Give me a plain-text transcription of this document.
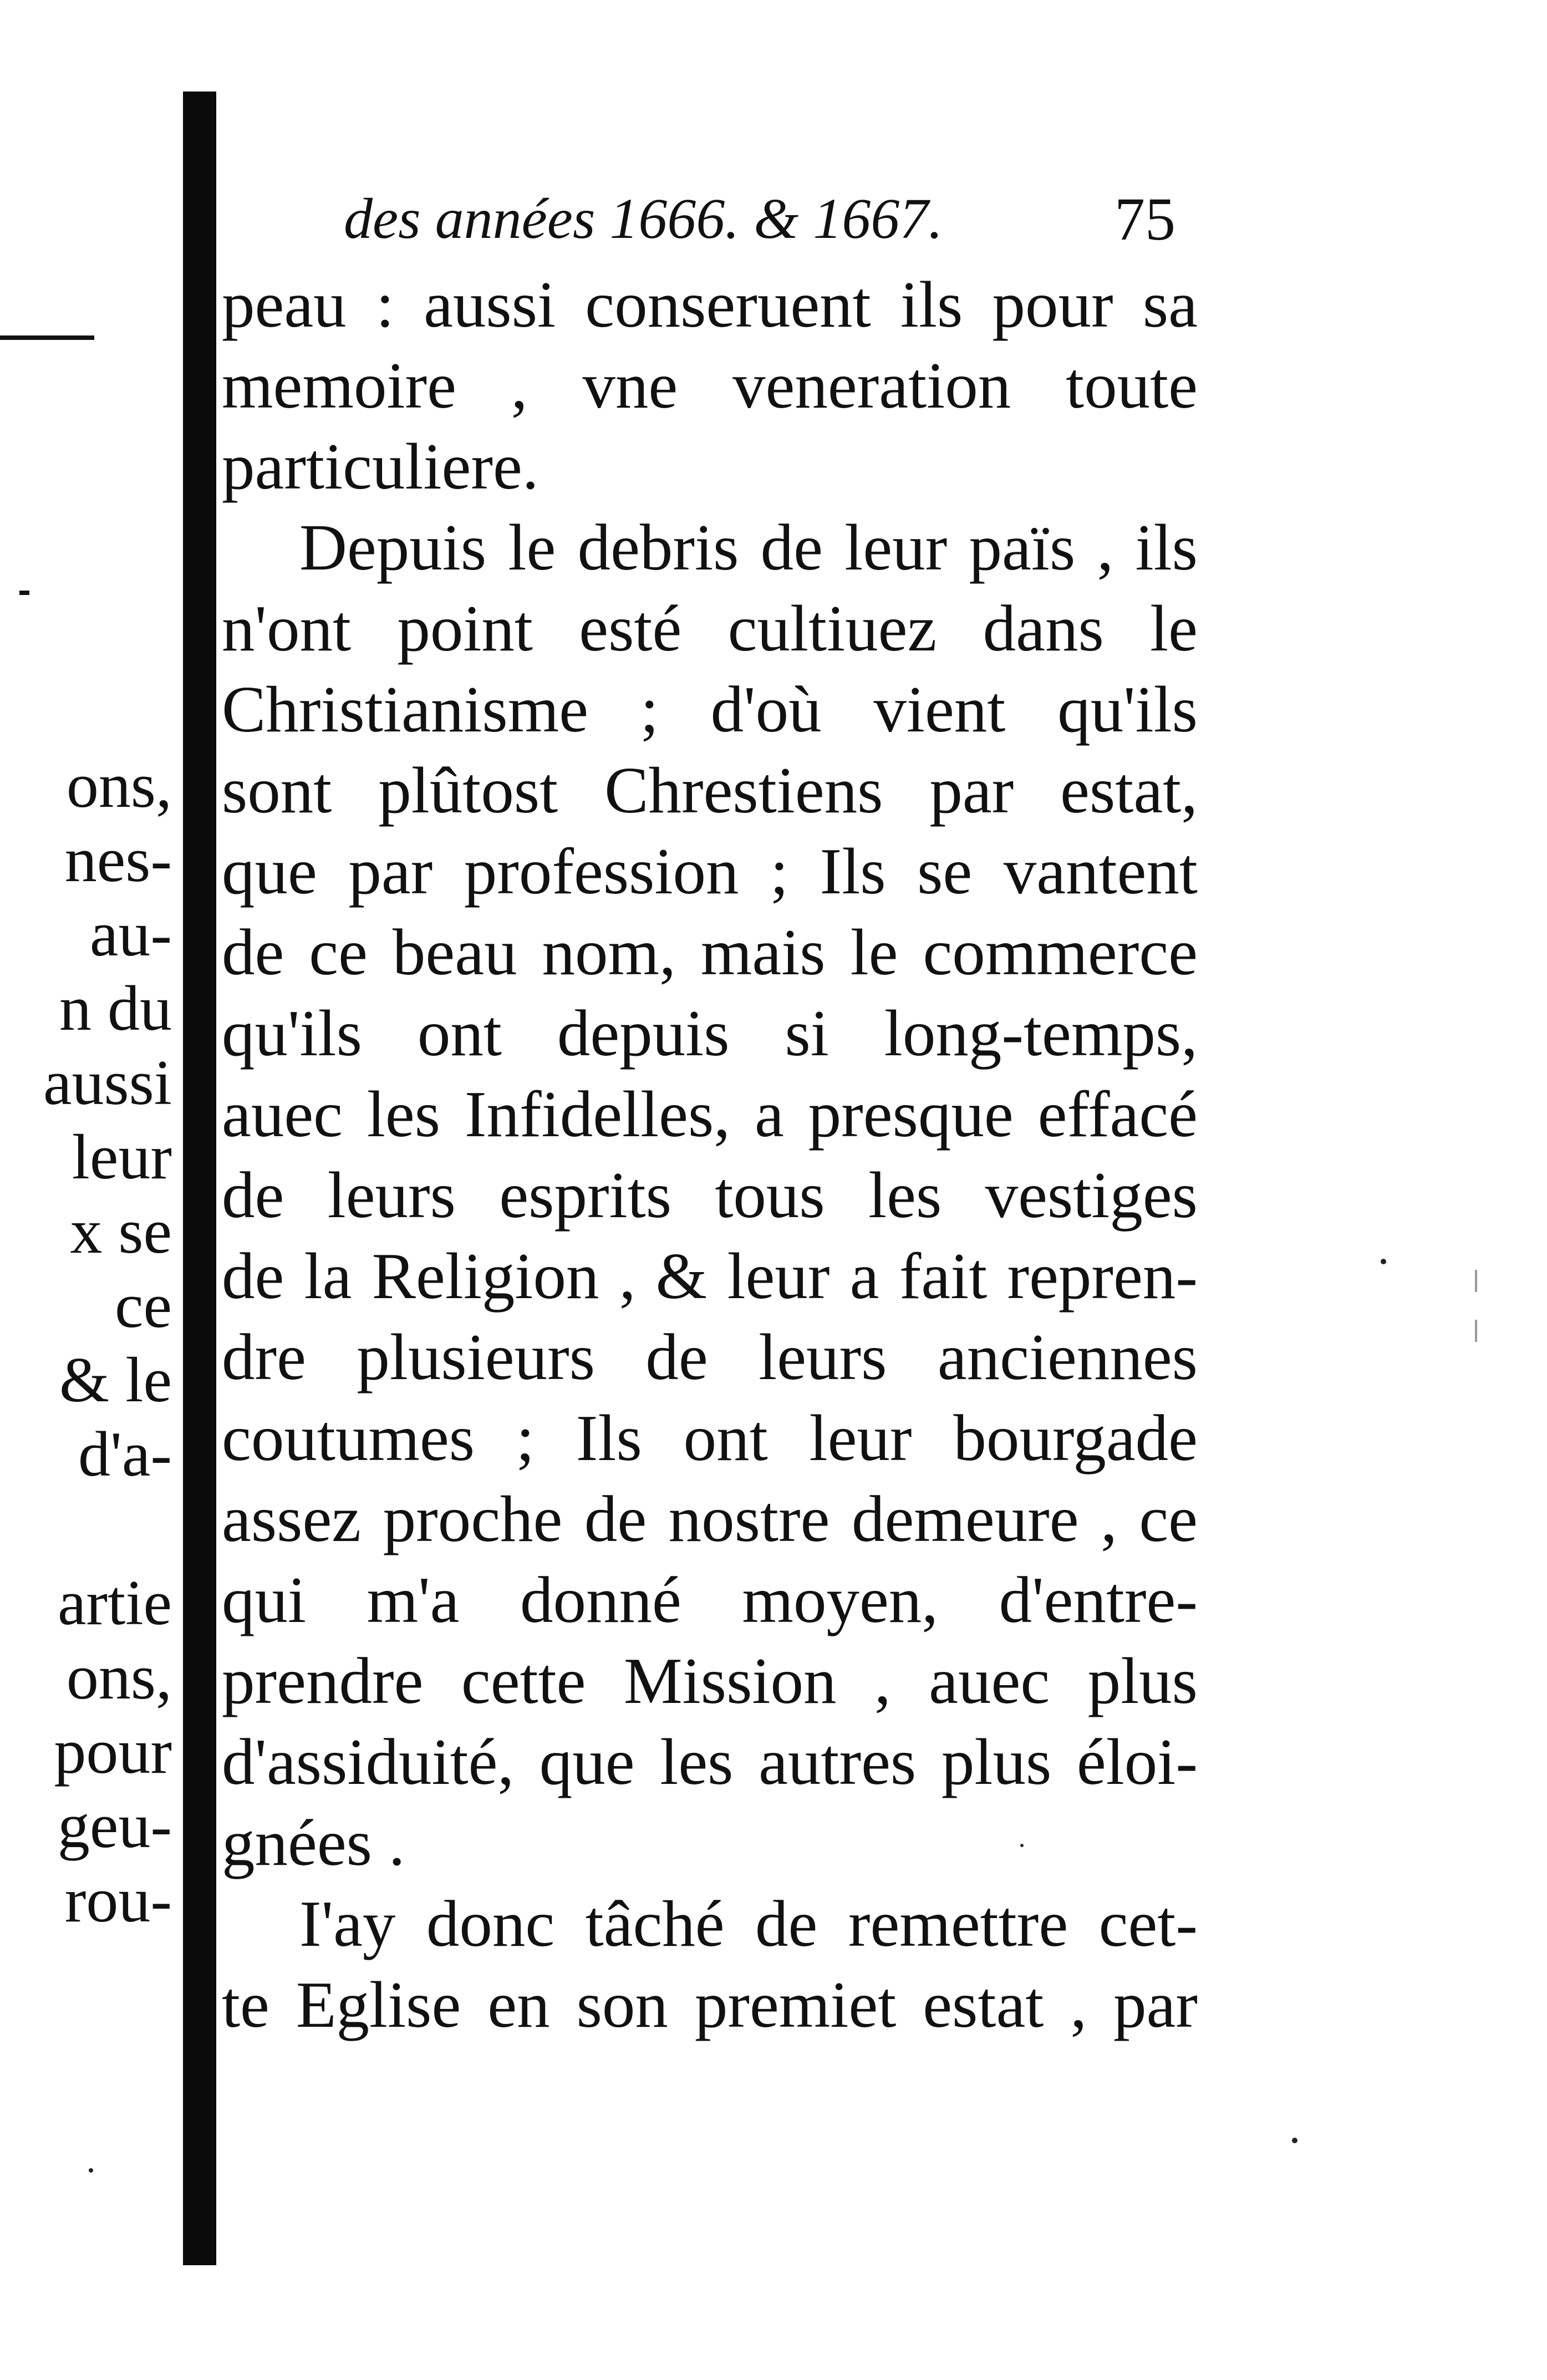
ons,
nes-
au-
n du
aussi
leur
x se
ce
& le
d'a-
artie
ons,
pour
geu-
rou-
des années 1666. & 1667.	75
peau : aussi conseruent ils pour sa
memoire , vne veneration toute
particuliere.
Depuis le debris de leur païs , ils
n'ont point esté cultiuez dans le
Christianisme ; d'où vient qu'ils
sont plûtost Chrestiens par estat,
que par profession ; Ils se vantent
de ce beau nom, mais le commerce
qu'ils ont depuis si long-temps,
auec les Infidelles, a presque effacé
de leurs esprits tous les vestiges
de la Religion , & leur a fait repren-
dre plusieurs de leurs anciennes
coutumes ; Ils ont leur bourgade
assez proche de nostre demeure , ce
qui m'a donné moyen, d'entre-
prendre cette Mission , auec plus
d'assiduité, que les autres plus éloi-
gnées .
I'ay donc tâché de remettre cet-
te Eglise en son premiet estat , par
